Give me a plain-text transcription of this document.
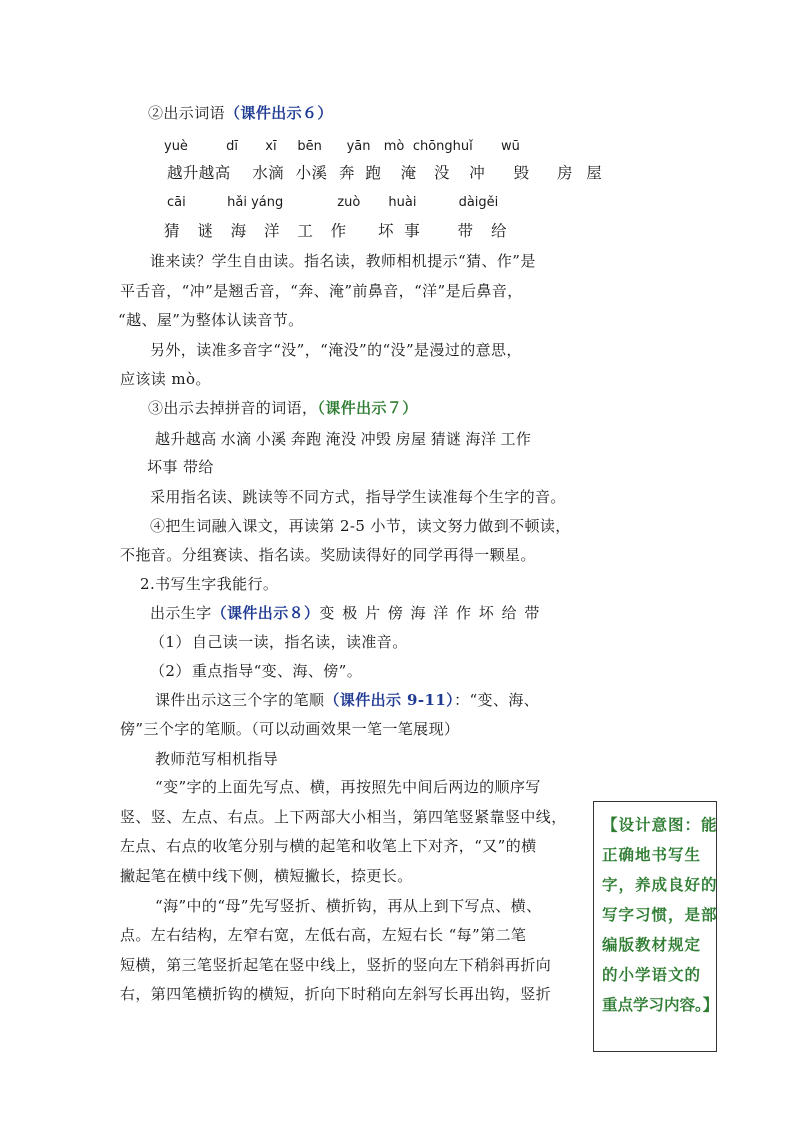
②出示词语（课件出示６）

yuè	dī xī bēn yān mò chōnghuǐ wū

越升越高 水滴 小溪 奔 跑 淹 没 冲 毁 房 屋

cāi	hǎi yáng	zuò huài	dàigěi

猜 谜 海 洋 工 作 坏 事 带 给

谁来读？学生自由读。指名读，教师相机提示“猜、作”是

平舌音，“冲”是翘舌音，“奔、淹”前鼻音，“洋”是后鼻音，

“越、屋”为整体认读音节。

另外，读准多音字“没”，“淹没”的“没”是漫过的意思，

应该读 mò。

③出示去掉拼音的词语，（课件出示７）

越升越高 水滴 小溪 奔跑 淹没 冲毁 房屋 猜谜 海洋 工作

坏事 带给

采用指名读、跳读等不同方式，指导学生读准每个生字的音。

④把生词融入课文，再读第 2-5 小节，读文努力做到不顿读，

不拖音。分组赛读、指名读。奖励读得好的同学再得一颗星。

2.书写生字我能行。

出示生字（课件出示８）变 极 片 傍 海 洋 作 坏 给 带

（1）自己读一读，指名读，读准音。

（2）重点指导“变、海、傍”。

课件出示这三个字的笔顺（课件出示 9-11）：“变、海、

傍”三个字的笔顺。（可以动画效果一笔一笔展现）

教师范写相机指导

“变”字的上面先写点、横，再按照先中间后两边的顺序写

竖、竖、左点、右点。上下两部大小相当，第四笔竖紧靠竖中线，

左点、右点的收笔分别与横的起笔和收笔上下对齐，“又”的横

撇起笔在横中线下侧，横短撇长，捺更长。

“海”中的“母”先写竖折、横折钩，再从上到下写点、横、

点。左右结构，左窄右宽，左低右高，左短右长 “每”第二笔

短横，第三笔竖折起笔在竖中线上，竖折的竖向左下稍斜再折向

右，第四笔横折钩的横短，折向下时稍向左斜写长再出钩，竖折

【设计意图：能

正确地书写生

字，养成良好的

写字习惯，是部

编版教材规定

的小学语文的

重点学习内容。】
